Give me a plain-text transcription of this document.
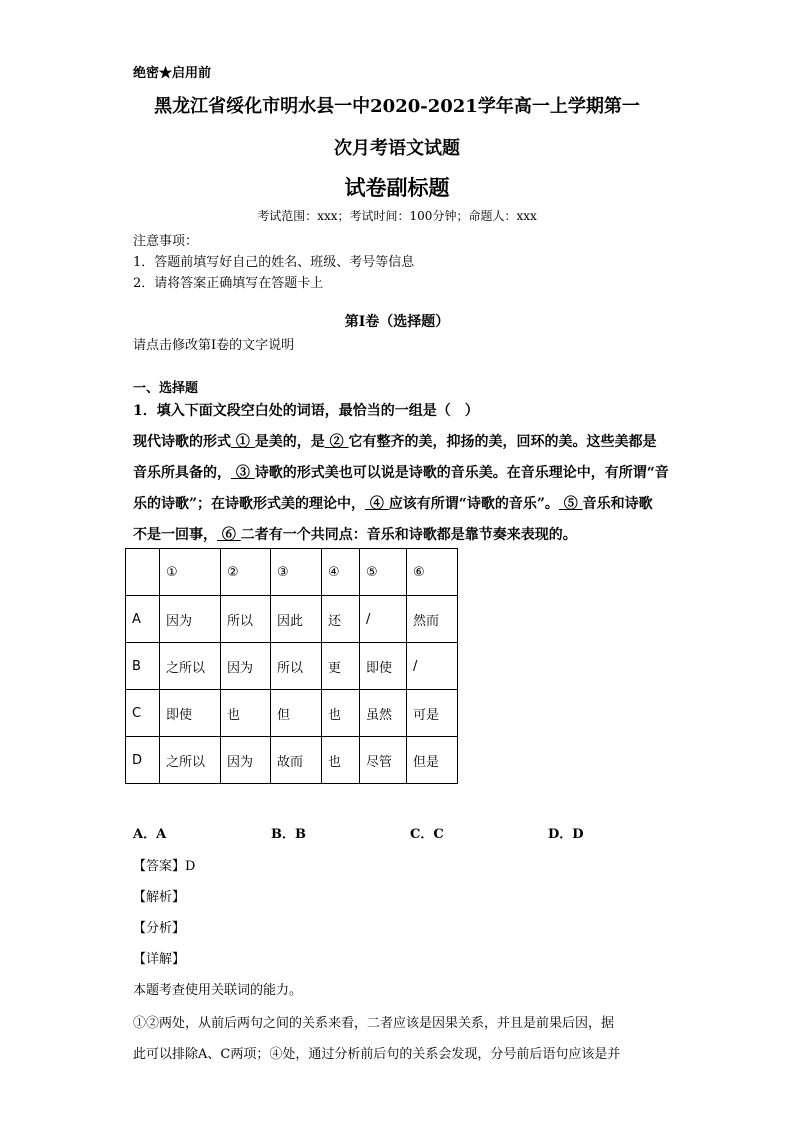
绝密★启用前
黑龙江省绥化市明水县一中2020-2021学年高一上学期第一
次月考语文试题
试卷副标题
考试范围：xxx；考试时间：100分钟；命题人：xxx
注意事项：
1．答题前填写好自己的姓名、班级、考号等信息
2．请将答案正确填写在答题卡上
第I卷（选择题）
请点击修改第I卷的文字说明
一、选择题
1．填入下面文段空白处的词语，最恰当的一组是（　）
现代诗歌的形式 ① 是美的，是 ② 它有整齐的美，抑扬的美，回环的美。这些美都是
音乐所具备的， ③ 诗歌的形式美也可以说是诗歌的音乐美。在音乐理论中，有所谓“音
乐的诗歌”；在诗歌形式美的理论中， ④ 应该有所谓“诗歌的音乐”。 ⑤ 音乐和诗歌
不是一回事， ⑥ 二者有一个共同点：音乐和诗歌都是靠节奏来表现的。
	①	②	③	④	⑤	⑥
A	因为	所以	因此	还	/	然而
B	之所以	因为	所以	更	即使	/
C	即使	也	但	也	虽然	可是
D	之所以	因为	故而	也	尽管	但是
A．A	B．B	C．C	D．D
【答案】D
【解析】
【分析】
【详解】
本题考查使用关联词的能力。
①②两处，从前后两句之间的关系来看，二者应该是因果关系，并且是前果后因，据
此可以排除A、C两项；④处，通过分析前后句的关系会发现，分号前后语句应该是并
